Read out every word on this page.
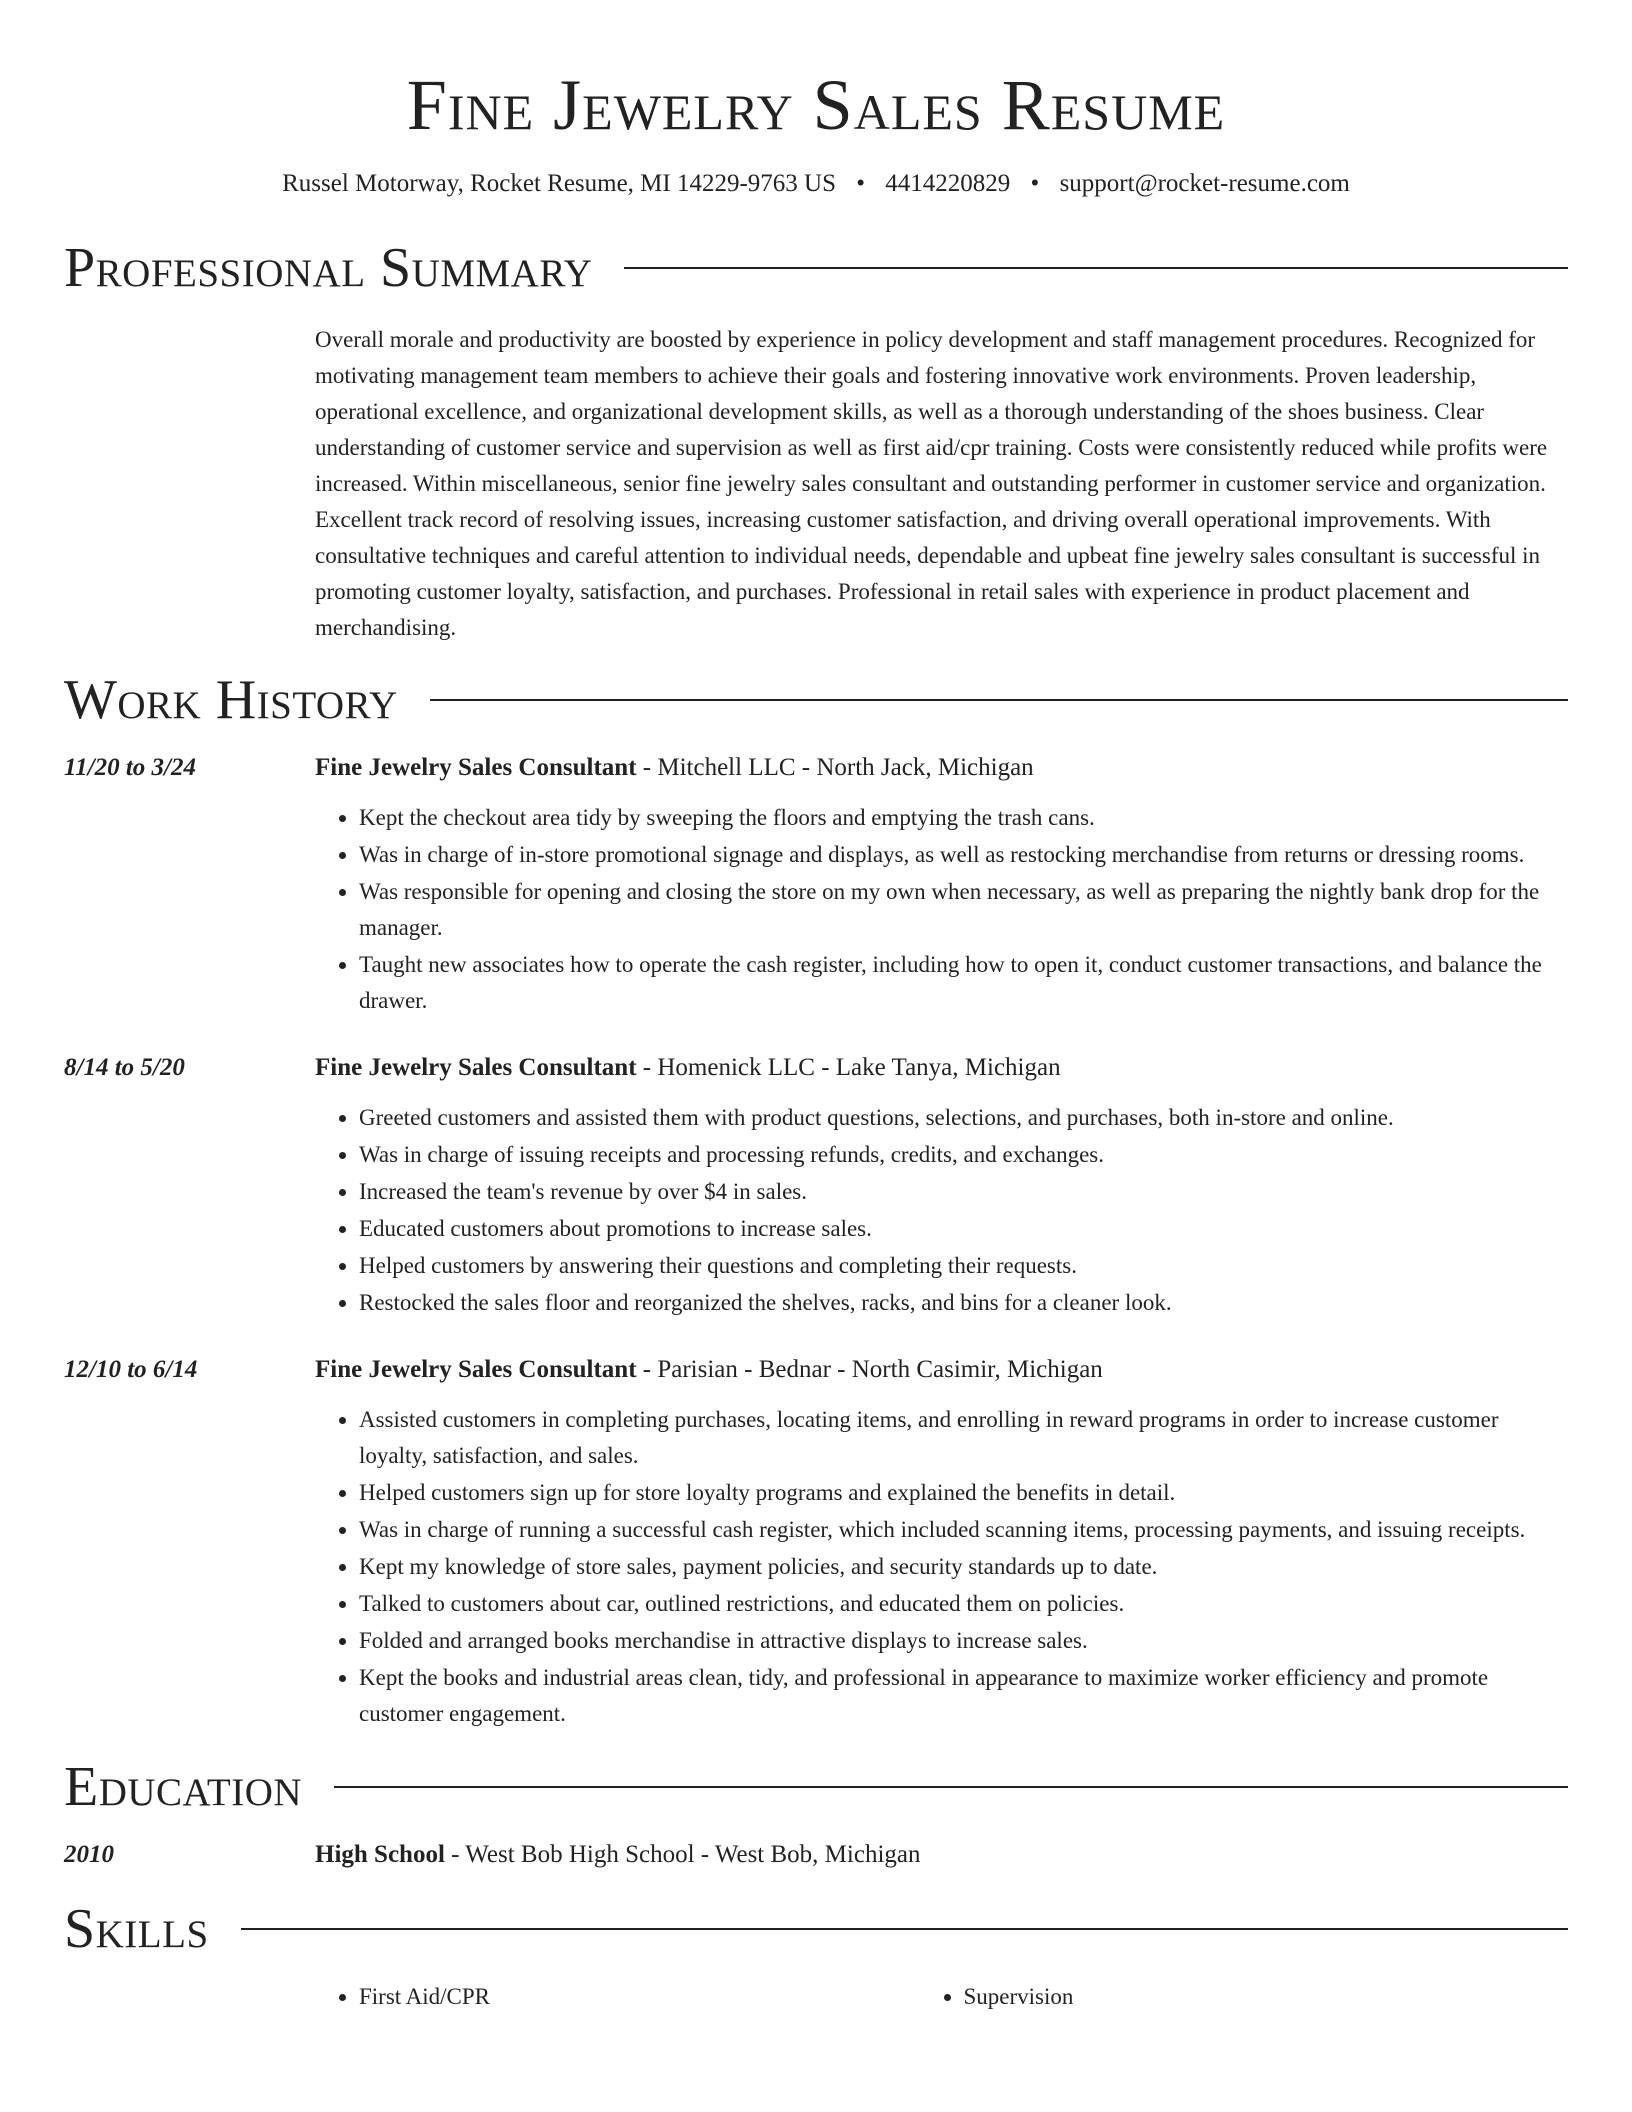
Fine Jewelry Sales Resume
Russel Motorway, Rocket Resume, MI 14229-9763 US • 4414220829 • support@rocket-resume.com
Professional Summary

Overall morale and productivity are boosted by experience in policy development and staff management procedures. Recognized for motivating management team members to achieve their goals and fostering innovative work environments. Proven leadership, operational excellence, and organizational development skills, as well as a thorough understanding of the shoes business. Clear understanding of customer service and supervision as well as first aid/cpr training. Costs were consistently reduced while profits were increased. Within miscellaneous, senior fine jewelry sales consultant and outstanding performer in customer service and organization. Excellent track record of resolving issues, increasing customer satisfaction, and driving overall operational improvements. With consultative techniques and careful attention to individual needs, dependable and upbeat fine jewelry sales consultant is successful in promoting customer loyalty, satisfaction, and purchases. Professional in retail sales with experience in product placement and merchandising.

Work History
11/20 to 3/24	Fine Jewelry Sales Consultant - Mitchell LLC - North Jack, Michigan
• Kept the checkout area tidy by sweeping the floors and emptying the trash cans.
• Was in charge of in-store promotional signage and displays, as well as restocking merchandise from returns or dressing rooms.
• Was responsible for opening and closing the store on my own when necessary, as well as preparing the nightly bank drop for the manager.
• Taught new associates how to operate the cash register, including how to open it, conduct customer transactions, and balance the drawer.
8/14 to 5/20	Fine Jewelry Sales Consultant - Homenick LLC - Lake Tanya, Michigan
• Greeted customers and assisted them with product questions, selections, and purchases, both in-store and online.
• Was in charge of issuing receipts and processing refunds, credits, and exchanges.
• Increased the team's revenue by over $4 in sales.
• Educated customers about promotions to increase sales.
• Helped customers by answering their questions and completing their requests.
• Restocked the sales floor and reorganized the shelves, racks, and bins for a cleaner look.
12/10 to 6/14	Fine Jewelry Sales Consultant - Parisian - Bednar - North Casimir, Michigan
• Assisted customers in completing purchases, locating items, and enrolling in reward programs in order to increase customer loyalty, satisfaction, and sales.
• Helped customers sign up for store loyalty programs and explained the benefits in detail.
• Was in charge of running a successful cash register, which included scanning items, processing payments, and issuing receipts.
• Kept my knowledge of store sales, payment policies, and security standards up to date.
• Talked to customers about car, outlined restrictions, and educated them on policies.
• Folded and arranged books merchandise in attractive displays to increase sales.
• Kept the books and industrial areas clean, tidy, and professional in appearance to maximize worker efficiency and promote customer engagement.
Education
2010	High School - West Bob High School - West Bob, Michigan
Skills
• First Aid/CPR
•	Supervision
